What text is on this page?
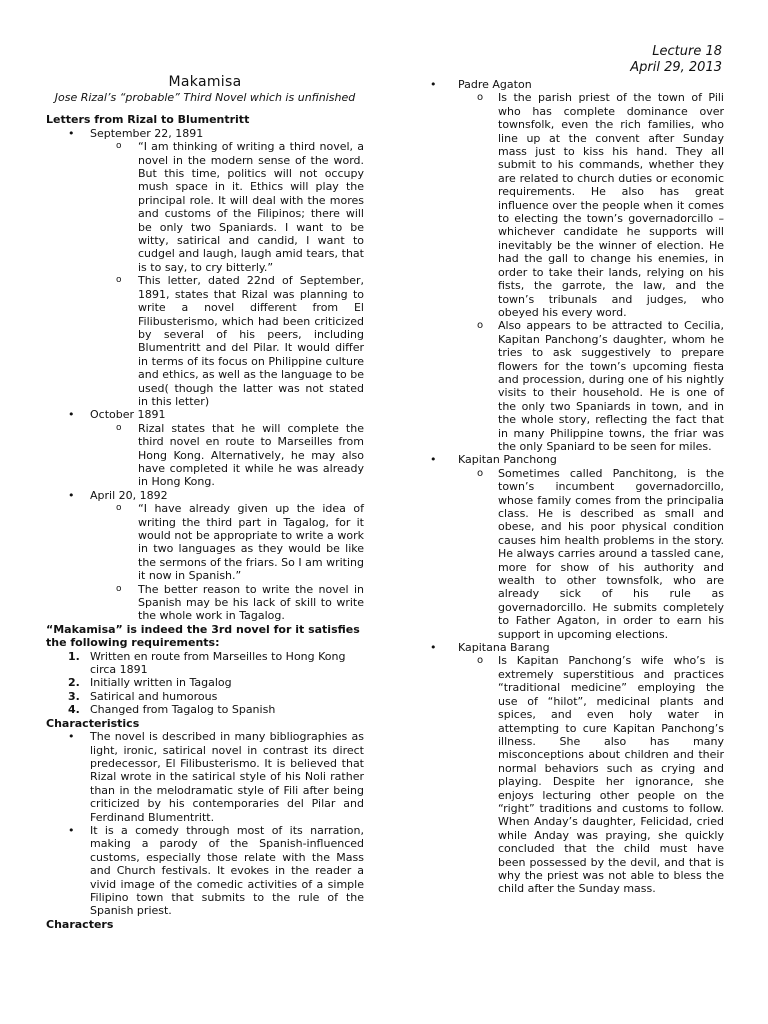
Lecture 18
April 29, 2013
Makamisa

Jose Rizal’s “probable” Third Novel which is unfinished

Letters from Rizal to Blumentritt

• September 22, 1891
o “I am thinking of writing a third novel, a novel in the modern sense of the word. But this time, politics will not occupy mush space in it. Ethics will play the principal role. It will deal with the mores and customs of the Filipinos; there will be only two Spaniards. I want to be witty, satirical and candid, I want to cudgel and laugh, laugh amid tears, that is to say, to cry bitterly.”
o This letter, dated 22nd of September, 1891, states that Rizal was planning to write a novel different from El Filibusterismo, which had been criticized by several of his peers, including Blumentritt and del Pilar. It would differ in terms of its focus on Philippine culture and ethics, as well as the language to be used( though the latter was not stated in this letter)
• October 1891
o Rizal states that he will complete the third novel en route to Marseilles from Hong Kong. Alternatively, he may also have completed it while he was already in Hong Kong.
• April 20, 1892
o “I have already given up the idea of writing the third part in Tagalog, for it would not be appropriate to write a work in two languages as they would be like the sermons of the friars. So I am writing it now in Spanish.”
o The better reason to write the novel in Spanish may be his lack of skill to write the whole work in Tagalog.

“Makamisa” is indeed the 3rd novel for it satisfies the following requirements:

1. Written en route from Marseilles to Hong Kong circa 1891
2. Initially written in Tagalog
3. Satirical and humorous
4. Changed from Tagalog to Spanish

Characteristics

• The novel is described in many bibliographies as light, ironic, satirical novel in contrast its direct predecessor, El Filibusterismo. It is believed that Rizal wrote in the satirical style of his Noli rather than in the melodramatic style of Fili after being criticized by his contemporaries del Pilar and Ferdinand Blumentritt.
• It is a comedy through most of its narration, making a parody of the Spanish-influenced customs, especially those relate with the Mass and Church festivals. It evokes in the reader a vivid image of the comedic activities of a simple Filipino town that submits to the rule of the Spanish priest.

Characters

• Padre Agaton
o Is the parish priest of the town of Pili who has complete dominance over townsfolk, even the rich families, who line up at the convent after Sunday mass just to kiss his hand. They all submit to his commands, whether they are related to church duties or economic requirements. He also has great influence over the people when it comes to electing the town’s governadorcillo – whichever candidate he supports will inevitably be the winner of election. He had the gall to change his enemies, in order to take their lands, relying on his fists, the garrote, the law, and the town’s tribunals and judges, who obeyed his every word.
o Also appears to be attracted to Cecilia, Kapitan Panchong’s daughter, whom he tries to ask suggestively to prepare flowers for the town’s upcoming fiesta and procession, during one of his nightly visits to their household. He is one of the only two Spaniards in town, and in the whole story, reflecting the fact that in many Philippine towns, the friar was the only Spaniard to be seen for miles.
• Kapitan Panchong
o Sometimes called Panchitong, is the town’s incumbent governadorcillo, whose family comes from the principalia class. He is described as small and obese, and his poor physical condition causes him health problems in the story. He always carries around a tassled cane, more for show of his authority and wealth to other townsfolk, who are already sick of his rule as governadorcillo. He submits completely to Father Agaton, in order to earn his support in upcoming elections.
• Kapitana Barang
o Is Kapitan Panchong’s wife who’s is extremely superstitious and practices “traditional medicine” employing the use of “hilot”, medicinal plants and spices, and even holy water in attempting to cure Kapitan Panchong’s illness. She also has many misconceptions about children and their normal behaviors such as crying and playing. Despite her ignorance, she enjoys lecturing other people on the “right” traditions and customs to follow. When Anday’s daughter, Felicidad, cried while Anday was praying, she quickly concluded that the child must have been possessed by the devil, and that is why the priest was not able to bless the child after the Sunday mass.
